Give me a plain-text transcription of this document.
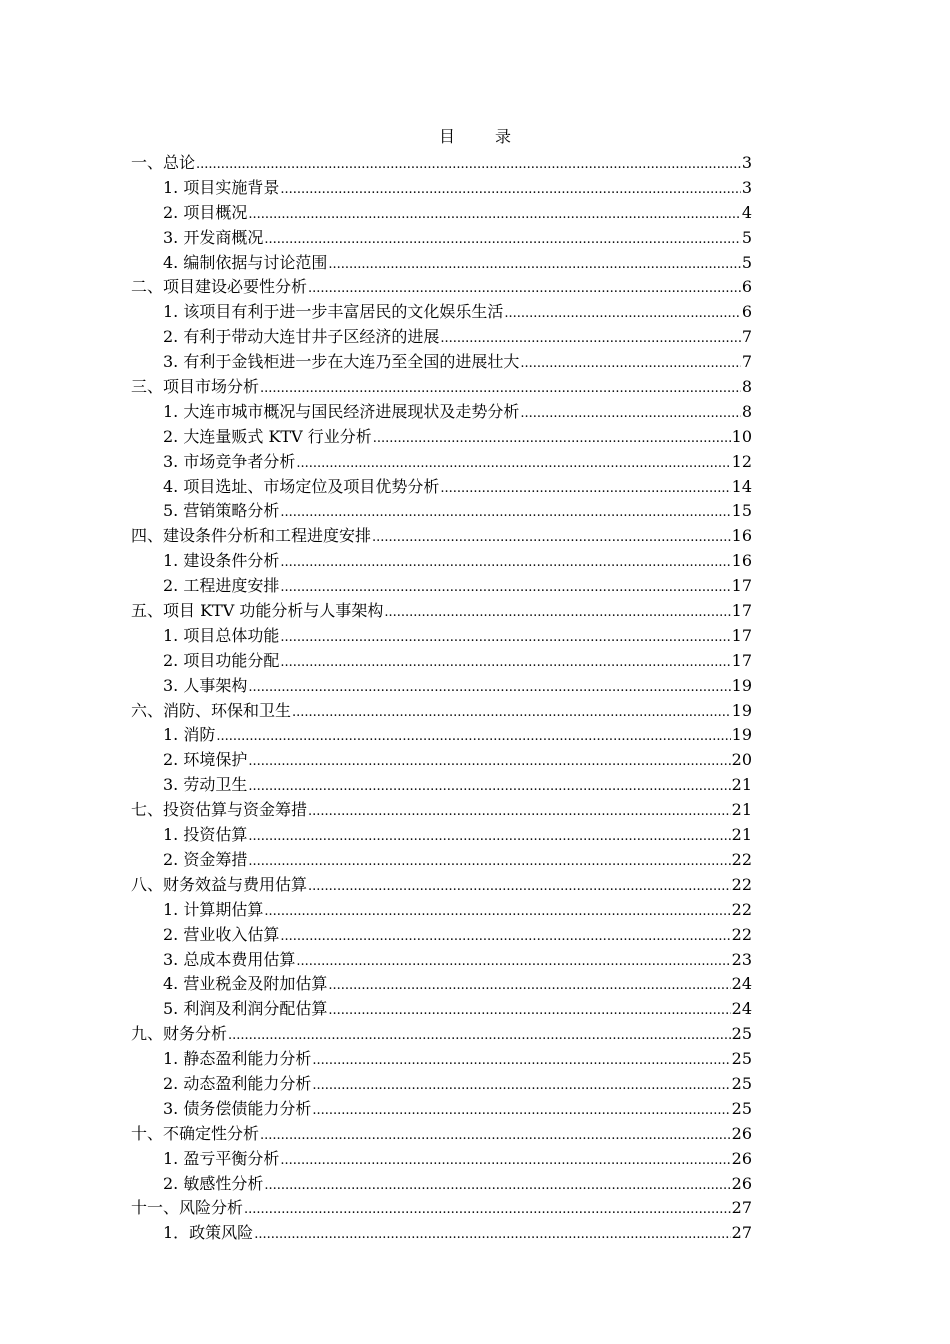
目	录
一、总论 .....	3
1. 项目实施背景 .....	3
2. 项目概况 .....	4
3. 开发商概况 .....	5
4. 编制依据与讨论范围 .....	5
二、项目建设必要性分析 .....	6
1. 该项目有利于进一步丰富居民的文化娱乐生活 .....	6
2. 有利于带动大连甘井子区经济的进展 .....	7
3. 有利于金钱柜进一步在大连乃至全国的进展壮大 .....	7
三、项目市场分析 .....	8
1. 大连市城市概况与国民经济进展现状及走势分析 .....	8
2. 大连量贩式 KTV 行业分析 .....	10
3. 市场竞争者分析 .....	12
4. 项目选址、市场定位及项目优势分析 .....	14
5. 营销策略分析 .....	15
四、建设条件分析和工程进度安排 .....	16
1. 建设条件分析 .....	16
2. 工程进度安排 .....	17
五、项目 KTV 功能分析与人事架构 .....	17
1. 项目总体功能 .....	17
2. 项目功能分配 .....	17
3. 人事架构 .....	19
六、消防、环保和卫生 .....	19
1. 消防 .....	19
2. 环境保护 .....	20
3. 劳动卫生 .....	21
七、投资估算与资金筹措 .....	21
1. 投资估算 .....	21
2. 资金筹措 .....	22
八、财务效益与费用估算 .....	22
1. 计算期估算 .....	22
2. 营业收入估算 .....	22
3. 总成本费用估算 .....	23
4. 营业税金及附加估算 .....	24
5. 利润及利润分配估算 .....	24
九、财务分析 .....	25
1. 静态盈利能力分析 .....	25
2. 动态盈利能力分析 .....	25
3. 债务偿债能力分析 .....	25
十、不确定性分析 .....	26
1. 盈亏平衡分析 .....	26
2. 敏感性分析 .....	26
十一、风险分析 .....	27
1．政策风险 .....	27
